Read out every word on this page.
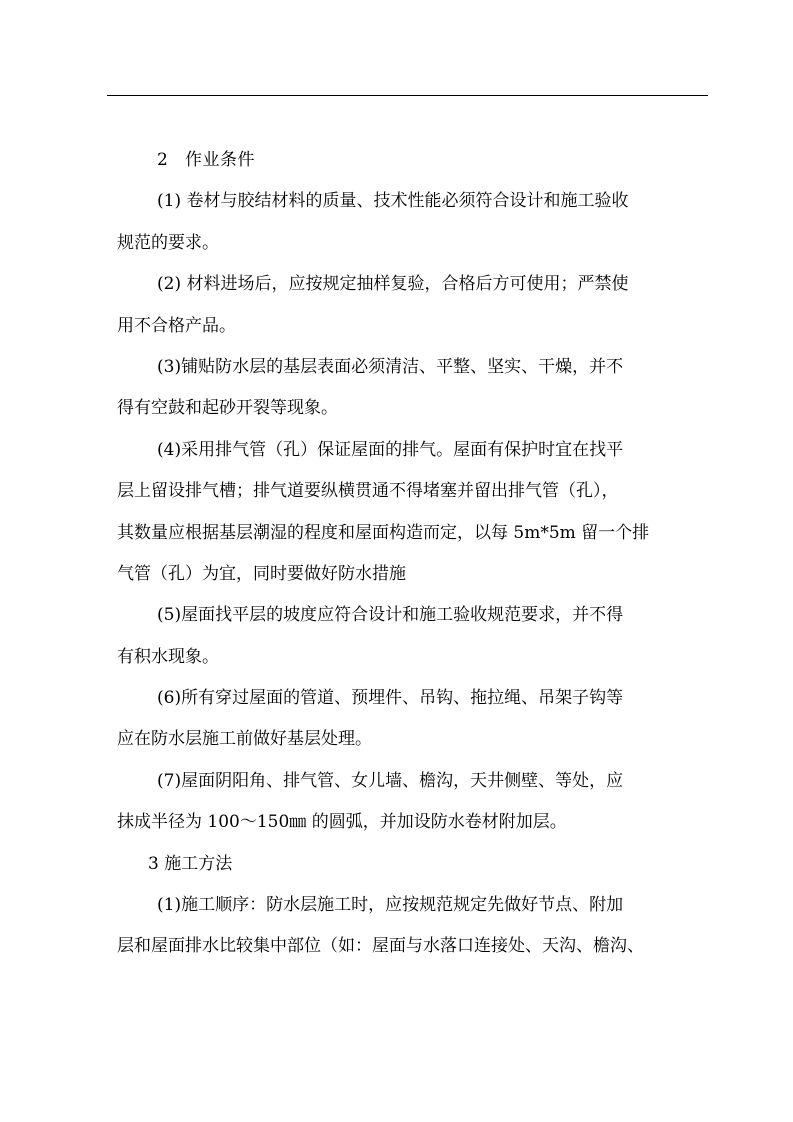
2 作业条件
(1) 卷材与胶结材料的质量、技术性能必须符合设计和施工验收
规范的要求。
(2) 材料进场后，应按规定抽样复验，合格后方可使用；严禁使
用不合格产品。
(3)铺贴防水层的基层表面必须清洁、平整、坚实、干燥，并不
得有空鼓和起砂开裂等现象。
(4)采用排气管（孔）保证屋面的排气。屋面有保护时宜在找平
层上留设排气槽；排气道要纵横贯通不得堵塞并留出排气管（孔），
其数量应根据基层潮湿的程度和屋面构造而定，以每 5m*5m 留一个排
气管（孔）为宜，同时要做好防水措施
(5)屋面找平层的坡度应符合设计和施工验收规范要求，并不得
有积水现象。
(6)所有穿过屋面的管道、预埋件、吊钩、拖拉绳、吊架子钩等
应在防水层施工前做好基层处理。
(7)屋面阴阳角、排气管、女儿墙、檐沟，天井侧壁、等处，应
抹成半径为 100～150㎜ 的圆弧，并加设防水卷材附加层。
3 施工方法
(1)施工顺序：防水层施工时，应按规范规定先做好节点、附加
层和屋面排水比较集中部位（如：屋面与水落口连接处、天沟、檐沟、
